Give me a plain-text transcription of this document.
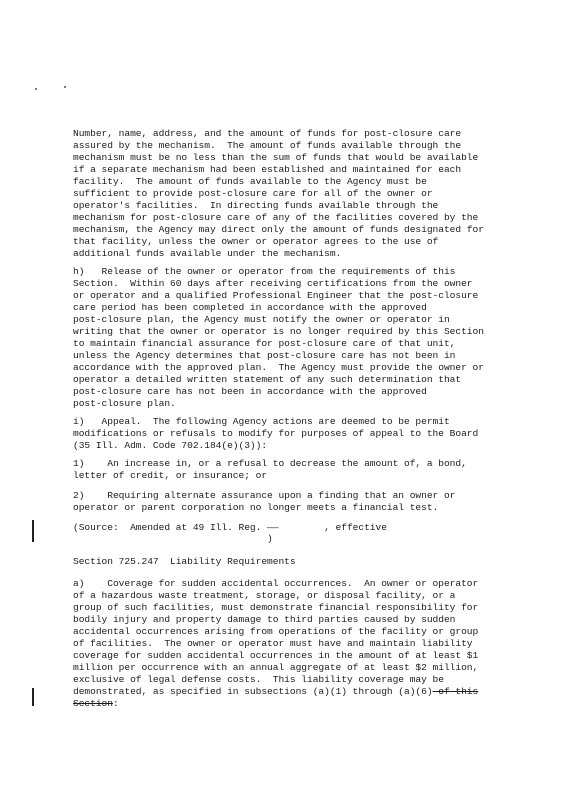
Number, name, address, and the amount of funds for post-closure care
assured by the mechanism.  The amount of funds available through the
mechanism must be no less than the sum of funds that would be available
if a separate mechanism had been established and maintained for each
facility.  The amount of funds available to the Agency must be
sufficient to provide post-closure care for all of the owner or
operator's facilities.  In directing funds available through the
mechanism for post-closure care of any of the facilities covered by the
mechanism, the Agency may direct only the amount of funds designated for
that facility, unless the owner or operator agrees to the use of
additional funds available under the mechanism.
h)   Release of the owner or operator from the requirements of this
Section.  Within 60 days after receiving certifications from the owner
or operator and a qualified Professional Engineer that the post-closure
care period has been completed in accordance with the approved
post-closure plan, the Agency must notify the owner or operator in
writing that the owner or operator is no longer required by this Section
to maintain financial assurance for post-closure care of that unit,
unless the Agency determines that post-closure care has not been in
accordance with the approved plan.  The Agency must provide the owner or
operator a detailed written statement of any such determination that
post-closure care has not been in accordance with the approved
post-closure plan.
i)   Appeal.  The following Agency actions are deemed to be permit
modifications or refusals to modify for purposes of appeal to the Board
(35 Ill. Adm. Code 702.184(e)(3)):
1)    An increase in, or a refusal to decrease the amount of, a bond,
letter of credit, or insurance; or
2)    Requiring alternate assurance upon a finding that an owner or
operator or parent corporation no longer meets a financial test.
(Source:  Amended at 49 Ill. Reg. ——        , effective
)
Section 725.247  Liability Requirements
a)    Coverage for sudden accidental occurrences.  An owner or operator
of a hazardous waste treatment, storage, or disposal facility, or a
group of such facilities, must demonstrate financial responsibility for
bodily injury and property damage to third parties caused by sudden
accidental occurrences arising from operations of the facility or group
of facilities.  The owner or operator must have and maintain liability
coverage for sudden accidental occurrences in the amount of at least $1
million per occurrence with an annual aggregate of at least $2 million,
exclusive of legal defense costs.  This liability coverage may be
demonstrated, as specified in subsections (a)(1) through (a)(6) of this
Section:
